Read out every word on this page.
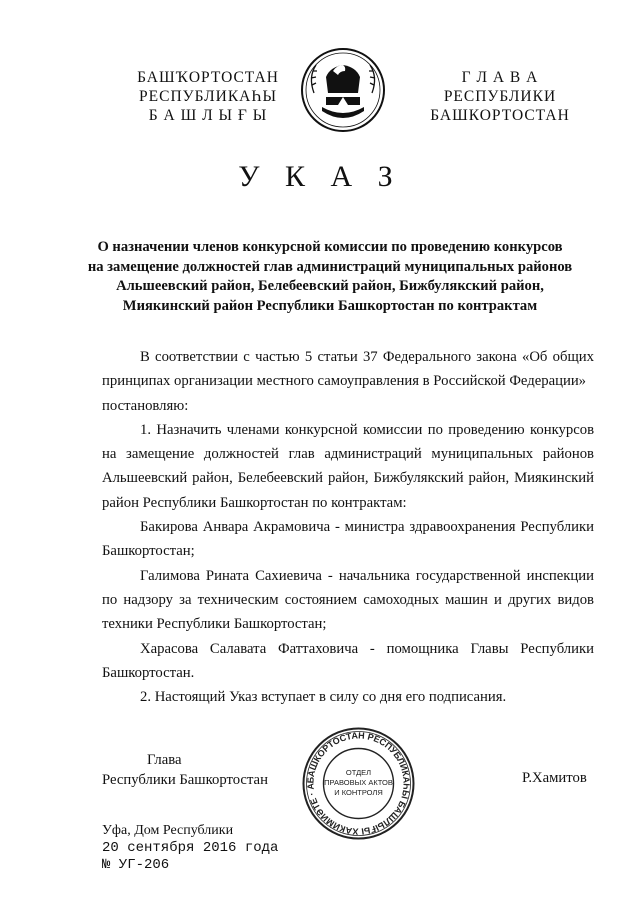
БАШҠОРТОСТАН
РЕСПУБЛИКАҺЫ
Б А Ш Л Ы Ғ Ы
Г Л А В А
РЕСПУБЛИКИ
БАШКОРТОСТАН
У К А З
О назначении членов конкурсной комиссии по проведению конкурсов
на замещение должностей глав администраций муниципальных районов
Альшеевский район, Белебеевский район, Бижбулякский район,
Миякинский район Республики Башкортостан по контрактам

В соответствии с частью 5 статьи 37 Федерального закона «Об общих принципах организации местного самоуправления в Российской Федерации»

постановляю:

1. Назначить членами конкурсной комиссии по проведению конкурсов на замещение должностей глав администраций муниципальных районов Альшеевский район, Белебеевский район, Бижбулякский район, Миякинский район Республики Башкортостан по контрактам:

Бакирова Анвара Акрамовича - министра здравоохранения Республики Башкортостан;

Галимова Рината Сахиевича - начальника государственной инспекции по надзору за техническим состоянием самоходных машин и других видов техники Республики Башкортостан;

Харасова Салавата Фаттаховича - помощника Главы Республики Башкортостан.

2. Настоящий Указ вступает в силу со дня его подписания.

Глава
Республики Башкортостан	Р.Хамитов
БАШКОРТОСТАН РЕСПУБЛИКАҺЫ БАШЛЫҒЫ ХАКИМИӘТЕ · А
ОТДЕЛ
ПРАВОВЫХ АКТОВ
И КОНТРОЛЯ
Уфа, Дом Республики
20 сентября 2016 года
№ УГ-206
